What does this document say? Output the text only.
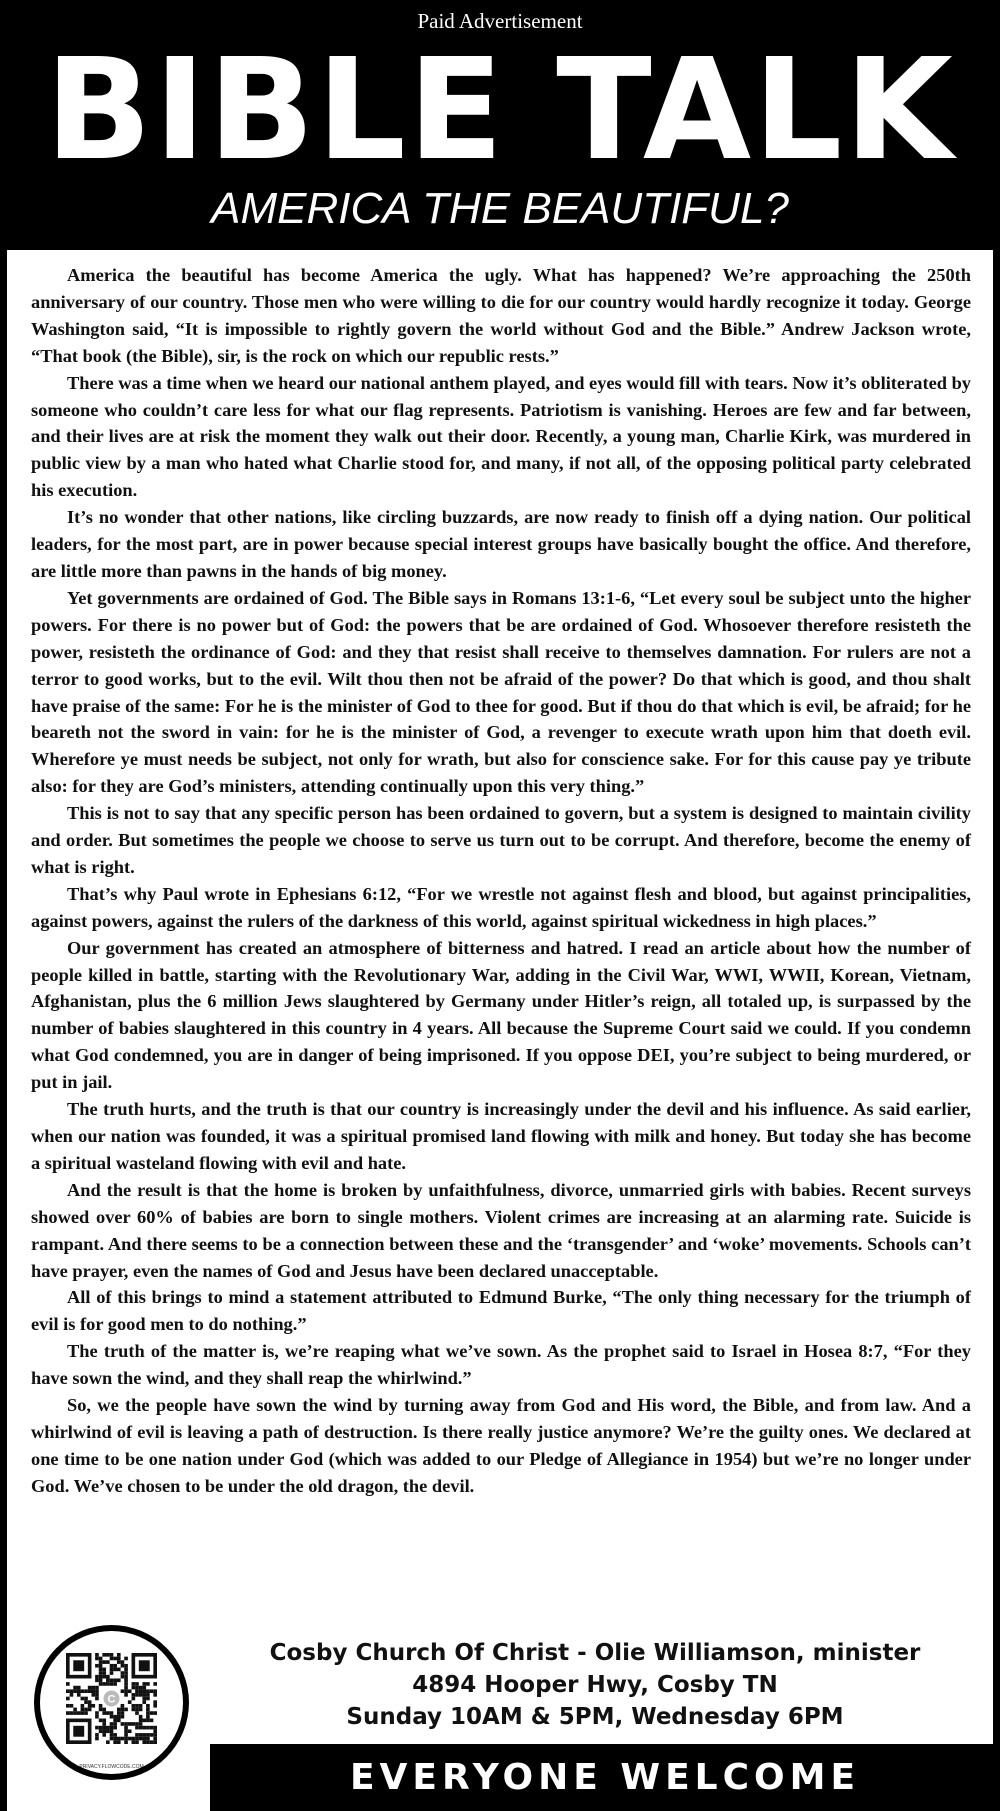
Paid Advertisement
BIBLE TALK
AMERICA THE BEAUTIFUL?

America the beautiful has become America the ugly. What has happened? We’re approaching the 250th anniversary of our country. Those men who were willing to die for our country would hardly recognize it today. George Washington said, “It is impossible to rightly govern the world without God and the Bible.” Andrew Jackson wrote, “That book (the Bible), sir, is the rock on which our republic rests.”

There was a time when we heard our national anthem played, and eyes would fill with tears. Now it’s obliterated by someone who couldn’t care less for what our flag represents. Patriotism is vanishing. Heroes are few and far between, and their lives are at risk the moment they walk out their door. Recently, a young man, Charlie Kirk, was murdered in public view by a man who hated what Charlie stood for, and many, if not all, of the opposing political party celebrated his execution.

It’s no wonder that other nations, like circling buzzards, are now ready to finish off a dying nation. Our political leaders, for the most part, are in power because special interest groups have basically bought the office. And therefore, are little more than pawns in the hands of big money.

Yet governments are ordained of God. The Bible says in Romans 13:1-6, “Let every soul be subject unto the higher powers. For there is no power but of God: the powers that be are ordained of God. Whosoever therefore resisteth the power, resisteth the ordinance of God: and they that resist shall receive to themselves damnation. For rulers are not a terror to good works, but to the evil. Wilt thou then not be afraid of the power? Do that which is good, and thou shalt have praise of the same: For he is the minister of God to thee for good. But if thou do that which is evil, be afraid; for he beareth not the sword in vain: for he is the minister of God, a revenger to execute wrath upon him that doeth evil. Wherefore ye must needs be subject, not only for wrath, but also for conscience sake. For for this cause pay ye tribute also: for they are God’s ministers, attending continually upon this very thing.”

This is not to say that any specific person has been ordained to govern, but a system is designed to maintain civility and order. But sometimes the people we choose to serve us turn out to be corrupt. And therefore, become the enemy of what is right.

That’s why Paul wrote in Ephesians 6:12, “For we wrestle not against flesh and blood, but against principalities, against powers, against the rulers of the darkness of this world, against spiritual wickedness in high places.”

Our government has created an atmosphere of bitterness and hatred. I read an article about how the number of people killed in battle, starting with the Revolutionary War, adding in the Civil War, WWI, WWII, Korean, Vietnam, Afghanistan, plus the 6 million Jews slaughtered by Germany under Hitler’s reign, all totaled up, is surpassed by the number of babies slaughtered in this country in 4 years. All because the Supreme Court said we could. If you condemn what God condemned, you are in danger of being imprisoned. If you oppose DEI, you’re subject to being murdered, or put in jail.

The truth hurts, and the truth is that our country is increasingly under the devil and his influence. As said earlier, when our nation was founded, it was a spiritual promised land flowing with milk and honey. But today she has become a spiritual wasteland flowing with evil and hate.

And the result is that the home is broken by unfaithfulness, divorce, unmarried girls with babies. Recent surveys showed over 60% of babies are born to single mothers. Violent crimes are increasing at an alarming rate. Suicide is rampant. And there seems to be a connection between these and the ‘transgender’ and ‘woke’ movements. Schools can’t have prayer, even the names of God and Jesus have been declared unacceptable.

All of this brings to mind a statement attributed to Edmund Burke, “The only thing necessary for the triumph of evil is for good men to do nothing.”

The truth of the matter is, we’re reaping what we’ve sown. As the prophet said to Israel in Hosea 8:7, “For they have sown the wind, and they shall reap the whirlwind.”

So, we the people have sown the wind by turning away from God and His word, the Bible, and from law. And a whirlwind of evil is leaving a path of destruction. Is there really justice anymore? We’re the guilty ones. We declared at one time to be one nation under God (which was added to our Pledge of Allegiance in 1954) but we’re no longer under God. We’ve chosen to be under the old dragon, the devil.

C
PRIVACY.FLOWCODE.COM
Cosby Church Of Christ - Olie Williamson, minister
4894 Hooper Hwy, Cosby TN
Sunday 10AM & 5PM, Wednesday 6PM
EVERYONE WELCOME
